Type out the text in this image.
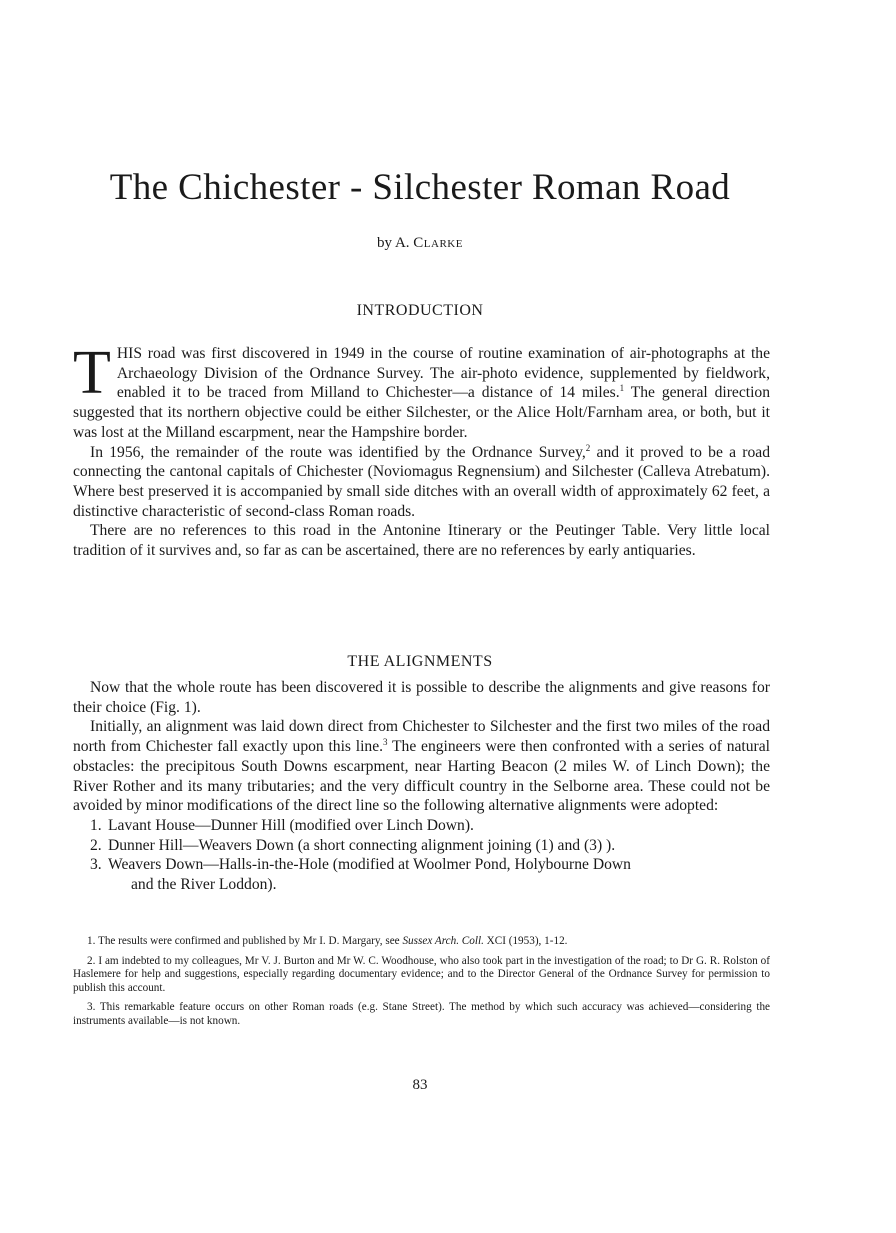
The Chichester - Silchester Roman Road
by A. Clarke
INTRODUCTION

THIS road was first discovered in 1949 in the course of routine examination of air-photographs at the Archaeology Division of the Ordnance Survey. The air-photo evidence, supplemented by fieldwork, enabled it to be traced from Milland to Chichester—a distance of 14 miles.$^1$ The general direction suggested that its northern objective could be either Silchester, or the Alice Holt/Farnham area, or both, but it was lost at the Milland escarpment, near the Hampshire border.

In 1956, the remainder of the route was identified by the Ordnance Survey,$^2$ and it proved to be a road connecting the cantonal capitals of Chichester (Noviomagus Regnensium) and Silchester (Calleva Atrebatum). Where best preserved it is accompanied by small side ditches with an overall width of approximately 62 feet, a distinctive characteristic of second-class Roman roads.

There are no references to this road in the Antonine Itinerary or the Peutinger Table. Very little local tradition of it survives and, so far as can be ascertained, there are no references by early antiquaries.

THE ALIGNMENTS

Now that the whole route has been discovered it is possible to describe the alignments and give reasons for their choice (Fig. 1).

Initially, an alignment was laid down direct from Chichester to Silchester and the first two miles of the road north from Chichester fall exactly upon this line.$^3$ The engineers were then confronted with a series of natural obstacles: the precipitous South Downs escarpment, near Harting Beacon (2 miles W. of Linch Down); the River Rother and its many tributaries; and the very difficult country in the Selborne area. These could not be avoided by minor modifications of the direct line so the following alternative alignments were adopted:

1. Lavant House—Dunner Hill (modified over Linch Down).
2. Dunner Hill—Weavers Down (a short connecting alignment joining (1) and (3) ).
3. Weavers Down—Halls-in-the-Hole (modified at Woolmer Pond, Holybourne Down
and the River Loddon).

1. The results were confirmed and published by Mr I. D. Margary, see Sussex Arch. Coll. XCI (1953), 1-12.

2. I am indebted to my colleagues, Mr V. J. Burton and Mr W. C. Woodhouse, who also took part in the investigation of the road; to Dr G. R. Rolston of Haslemere for help and suggestions, especially regarding documentary evidence; and to the Director General of the Ordnance Survey for permission to publish this account.

3. This remarkable feature occurs on other Roman roads (e.g. Stane Street). The method by which such accuracy was achieved—considering the instruments available—is not known.

83
